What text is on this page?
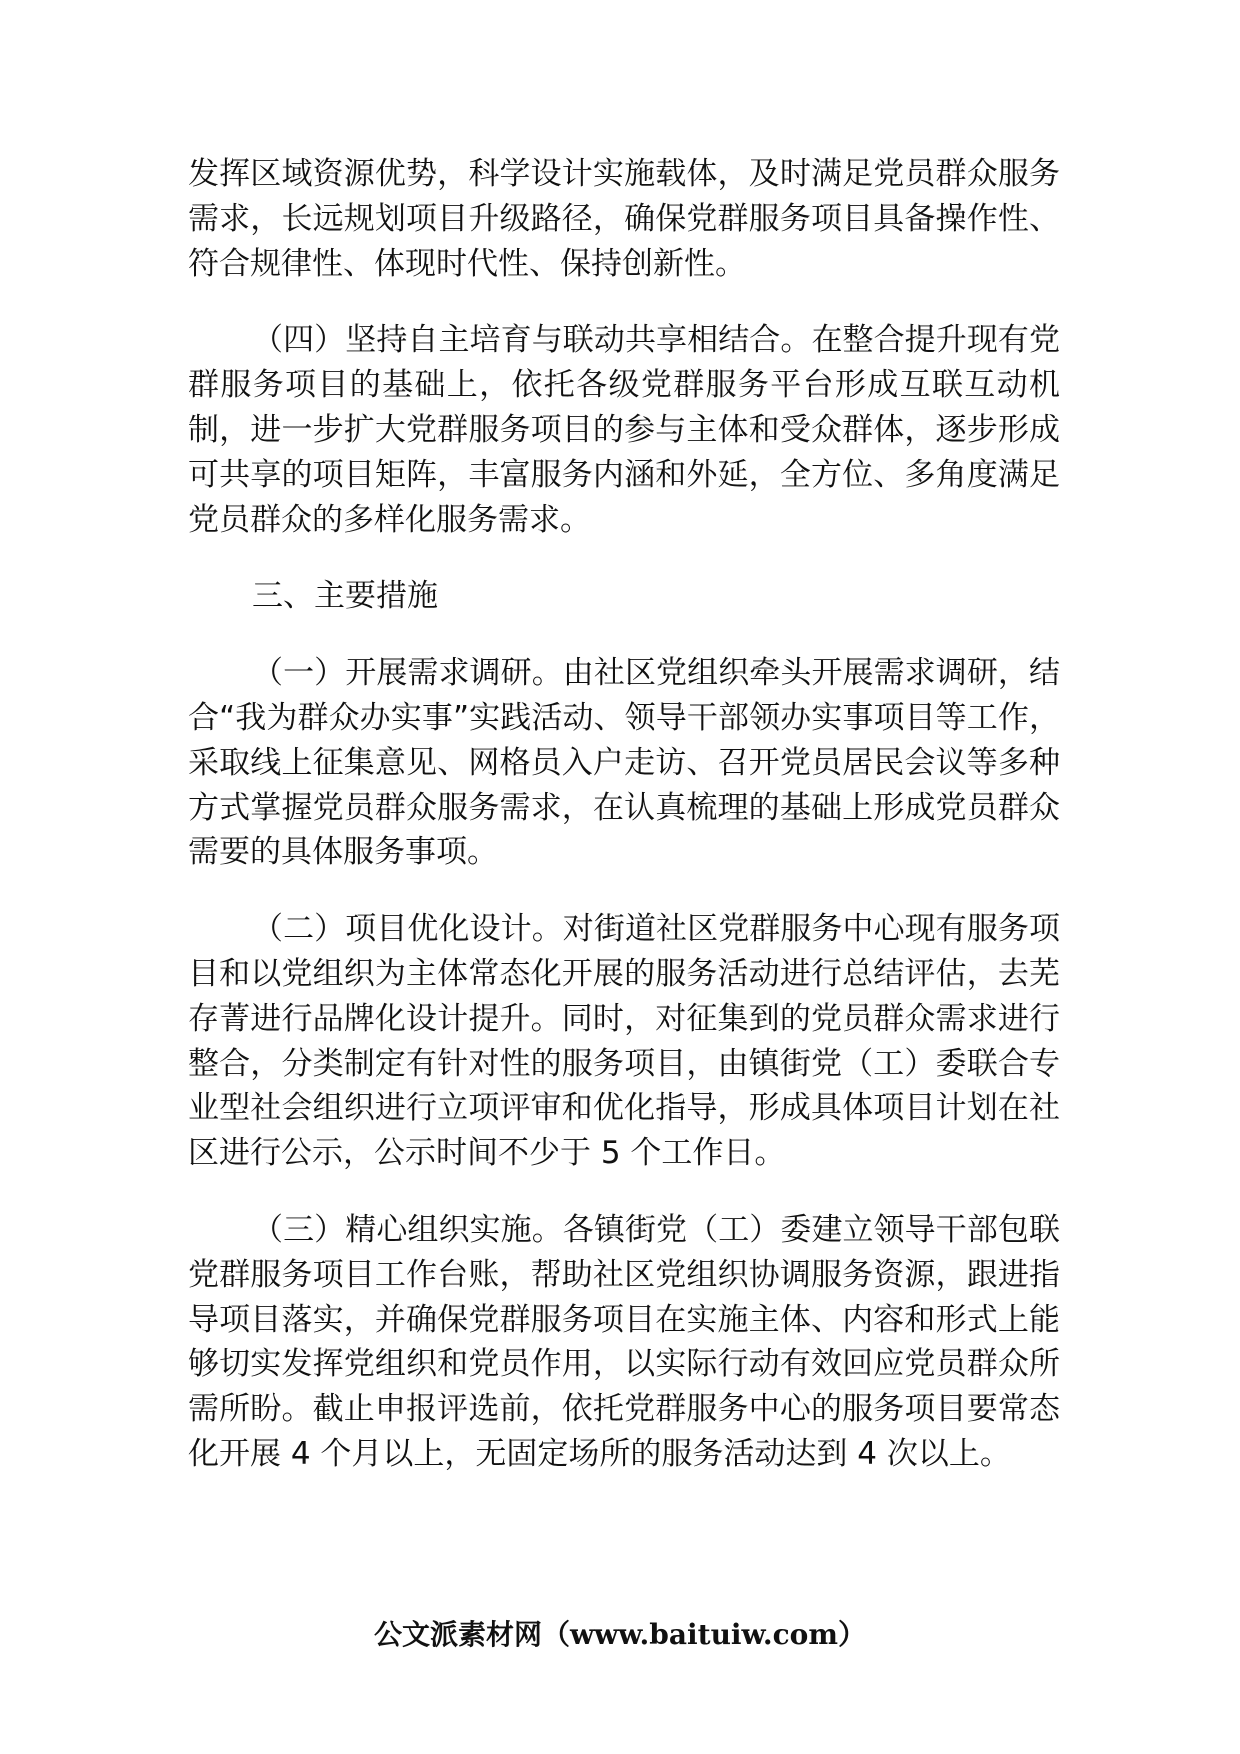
发挥区域资源优势，科学设计实施载体，及时满足党员群众服务需求，长远规划项目升级路径，确保党群服务项目具备操作性、符合规律性、体现时代性、保持创新性。

（四）坚持自主培育与联动共享相结合。在整合提升现有党群服务项目的基础上，依托各级党群服务平台形成互联互动机制，进一步扩大党群服务项目的参与主体和受众群体，逐步形成可共享的项目矩阵，丰富服务内涵和外延，全方位、多角度满足党员群众的多样化服务需求。

三、主要措施

（一）开展需求调研。由社区党组织牵头开展需求调研，结合“我为群众办实事”实践活动、领导干部领办实事项目等工作，采取线上征集意见、网格员入户走访、召开党员居民会议等多种方式掌握党员群众服务需求，在认真梳理的基础上形成党员群众需要的具体服务事项。

（二）项目优化设计。对街道社区党群服务中心现有服务项目和以党组织为主体常态化开展的服务活动进行总结评估，去芜存菁进行品牌化设计提升。同时，对征集到的党员群众需求进行整合，分类制定有针对性的服务项目，由镇街党（工）委联合专业型社会组织进行立项评审和优化指导，形成具体项目计划在社区进行公示，公示时间不少于 5 个工作日。

（三）精心组织实施。各镇街党（工）委建立领导干部包联党群服务项目工作台账，帮助社区党组织协调服务资源，跟进指导项目落实，并确保党群服务项目在实施主体、内容和形式上能够切实发挥党组织和党员作用，以实际行动有效回应党员群众所需所盼。截止申报评选前，依托党群服务中心的服务项目要常态化开展 4 个月以上，无固定场所的服务活动达到 4 次以上。

公文派素材网（www.baituiw.com）
